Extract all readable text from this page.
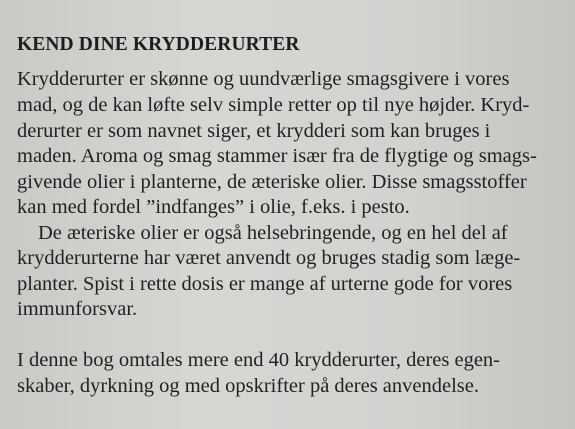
KEND DINE KRYDDERURTER
Krydderurter er skønne og uundværlige smagsgivere i vores
mad, og de kan løfte selv simple retter op til nye højder. Kryd-
derurter er som navnet siger, et krydderi som kan bruges i
maden. Aroma og smag stammer især fra de flygtige og smags-
givende olier i planterne, de æteriske olier. Disse smagsstoffer
kan med fordel ”indfanges” i olie, f.eks. i pesto.
De æteriske olier er også helsebringende, og en hel del af
krydderurterne har været anvendt og bruges stadig som læge-
planter. Spist i rette dosis er mange af urterne gode for vores
immunforsvar.
I denne bog omtales mere end 40 krydderurter, deres egen-
skaber, dyrkning og med opskrifter på deres anvendelse.
